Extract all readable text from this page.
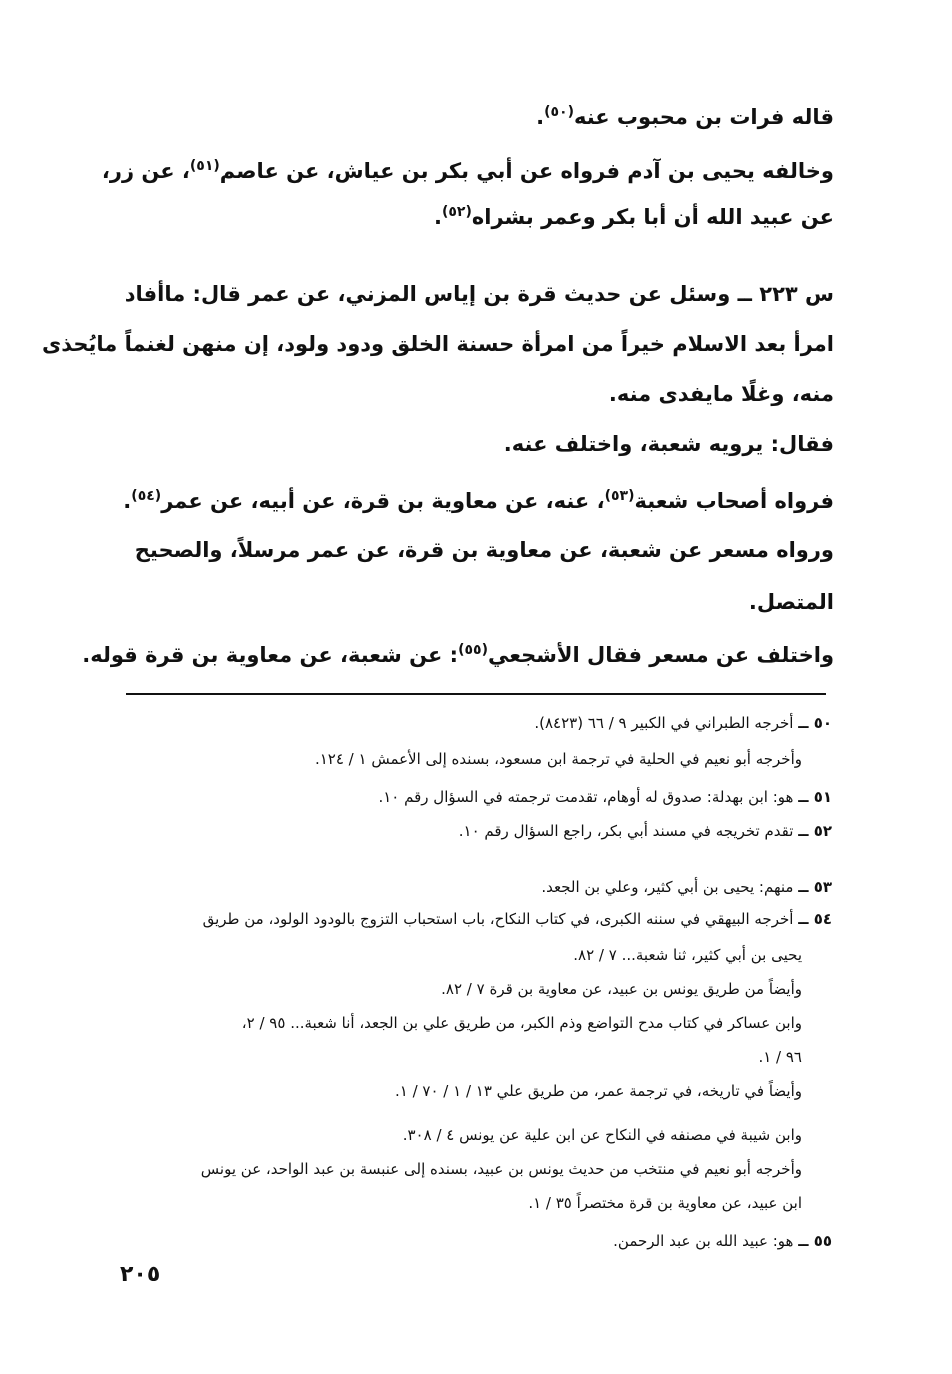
قاله فرات بن محبوب عنه$^{(٥٠)}$.
وخالفه يحيى بن آدم فرواه عن أبي بكر بن عياش، عن عاصم$^{(٥١)}$، عن زر،
عن عبيد الله أن أبا بكر وعمر بشراه$^{(٥٢)}$.
س ٢٢٣ ــ وسئل عن حديث قرة بن إياس المزني، عن عمر قال: ماأفاد
امرأ بعد الاسلام خيراً من امرأة حسنة الخلق ودود ولود، إن منهن لغنماً مايُحذى
منه، وغلًا مايفدى منه.
فقال: يرويه شعبة، واختلف عنه.
فرواه أصحاب شعبة$^{(٥٣)}$، عنه، عن معاوية بن قرة، عن أبيه، عن عمر$^{(٥٤)}$.
ورواه مسعر عن شعبة، عن معاوية بن قرة، عن عمر مرسلاً، والصحيح
المتصل.
واختلف عن مسعر فقال الأشجعي$^{(٥٥)}$: عن شعبة، عن معاوية بن قرة قوله.
٥٠ ــ أخرجه الطبراني في الكبير ٩ / ٦٦ (٨٤٢٣).
وأخرجه أبو نعيم في الحلية في ترجمة ابن مسعود، بسنده إلى الأعمش ١ / ١٢٤.
٥١ ــ هو: ابن بهدلة: صدوق له أوهام، تقدمت ترجمته في السؤال رقم ١٠.
٥٢ ــ تقدم تخريجه في مسند أبي بكر، راجع السؤال رقم ١٠.
٥٣ ــ منهم: يحيى بن أبي كثير، وعلي بن الجعد.
٥٤ ــ أخرجه البيهقي في سننه الكبرى، في كتاب النكاح، باب استحباب التزوج بالودود الولود، من طريق
يحيى بن أبي كثير، ثنا شعبة... ٧ / ٨٢.
وأيضاً من طريق يونس بن عبيد، عن معاوية بن قرة ٧ / ٨٢.
وابن عساكر في كتاب مدح التواضع وذم الكبر، من طريق علي بن الجعد، أنا شعبة... ٩٥ / ٢،
٩٦ / ١.
وأيضاً في تاريخه، في ترجمة عمر، من طريق علي ١٣ / ١ / ٧٠ / ١.
وابن شيبة في مصنفه في النكاح عن ابن علية عن يونس ٤ / ٣٠٨.
وأخرجه أبو نعيم في منتخب من حديث يونس بن عبيد، بسنده إلى عنبسة بن عبد الواحد، عن يونس
ابن عبيد، عن معاوية بن قرة مختصراً ٣٥ / ١.
٥٥ ــ هو: عبيد الله بن عبد الرحمن.
٢٠٥
